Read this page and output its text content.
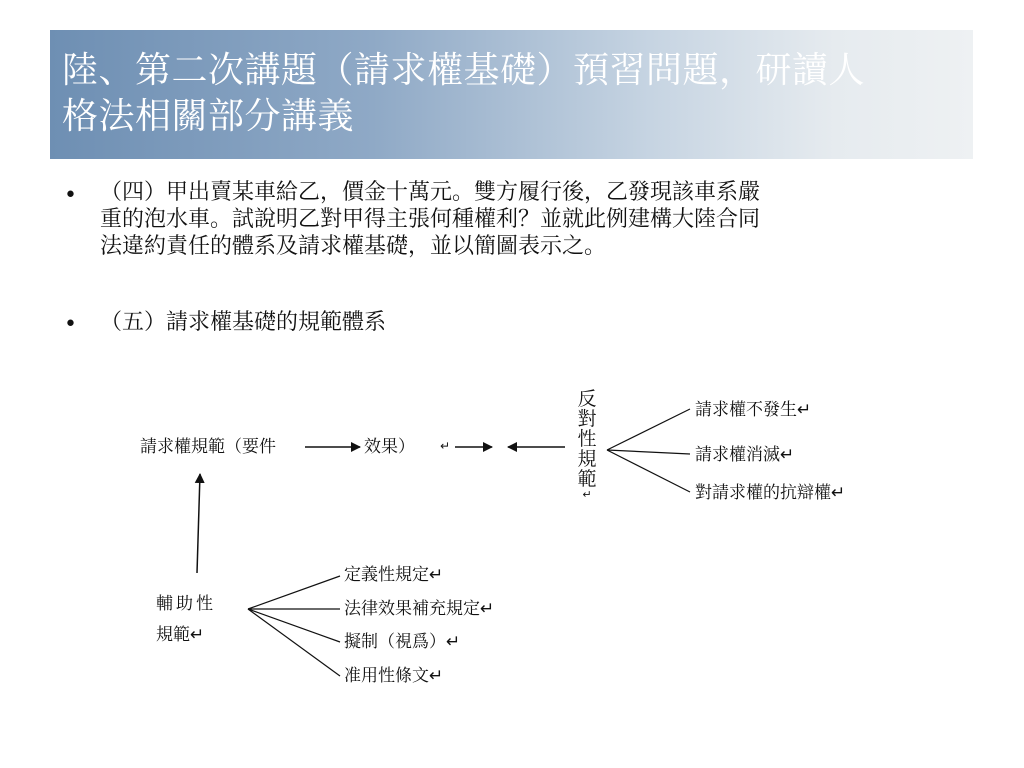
陸、第二次講題（請求權基礎）預習問題，研讀人
格法相關部分講義
• （四）甲出賣某車給乙，價金十萬元。雙方履行後，乙發現該車系嚴
重的泡水車。試說明乙對甲得主張何種權利？並就此例建構大陸合同
法違約責任的體系及請求權基礎，並以簡圖表示之。
• （五）請求權基礎的規範體系
請求權規範（要件	效果） ↵
反
對
性
規
範
↵
請求權不發生↵
請求權消滅↵
對請求權的抗辯權↵
輔助性
規範↵
定義性規定↵
法律效果補充規定↵
擬制（視爲）↵
准用性條文↵
